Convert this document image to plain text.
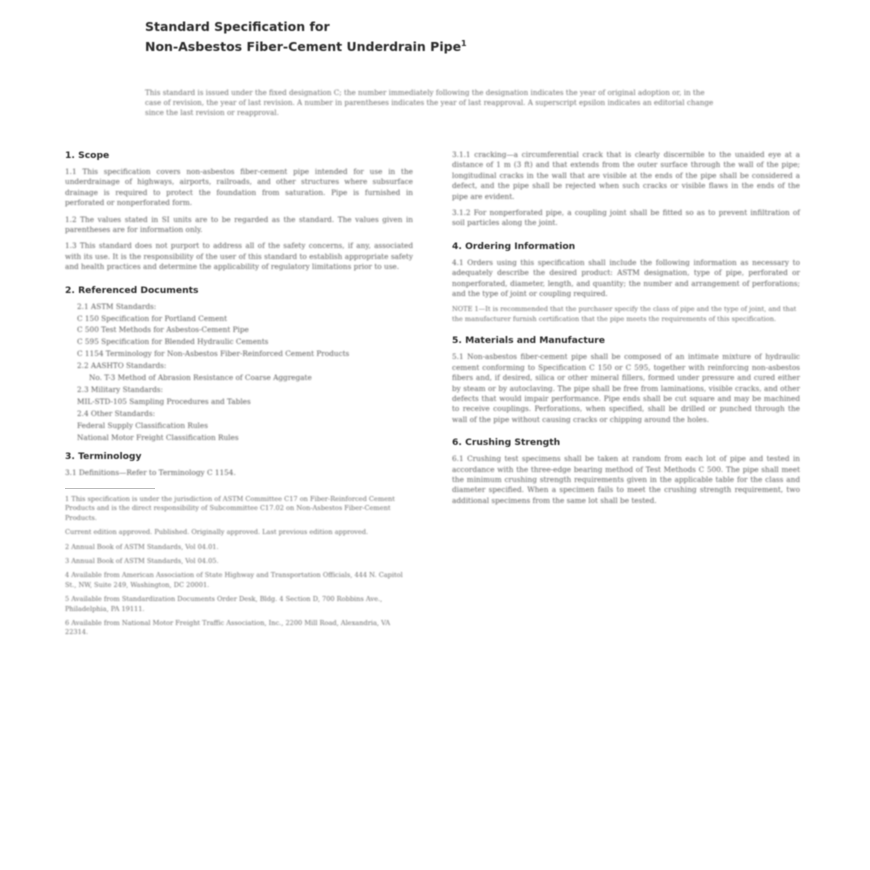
Standard Specification for
Non-Asbestos Fiber-Cement Underdrain Pipe$^1$
This standard is issued under the fixed designation C; the number immediately following the designation indicates the year of original adoption or, in the case of revision, the year of last revision. A number in parentheses indicates the year of last reapproval. A superscript epsilon indicates an editorial change since the last revision or reapproval.
1. Scope

1.1 This specification covers non-asbestos fiber-cement pipe intended for use in the underdrainage of highways, airports, railroads, and other structures where subsurface drainage is required to protect the foundation from saturation. Pipe is furnished in perforated or nonperforated form.

1.2 The values stated in SI units are to be regarded as the standard. The values given in parentheses are for information only.

1.3 This standard does not purport to address all of the safety concerns, if any, associated with its use. It is the responsibility of the user of this standard to establish appropriate safety and health practices and determine the applicability of regulatory limitations prior to use.

2. Referenced Documents
2.1 ASTM Standards:
C 150 Specification for Portland Cement
C 500 Test Methods for Asbestos-Cement Pipe
C 595 Specification for Blended Hydraulic Cements
C 1154 Terminology for Non-Asbestos Fiber-Reinforced Cement Products
2.2 AASHTO Standards:
No. T-3 Method of Abrasion Resistance of Coarse Aggregate
2.3 Military Standards:
MIL-STD-105 Sampling Procedures and Tables
2.4 Other Standards:
Federal Supply Classification Rules
National Motor Freight Classification Rules
3. Terminology

3.1 Definitions—Refer to Terminology C 1154.

1 This specification is under the jurisdiction of ASTM Committee C17 on Fiber-Reinforced Cement Products and is the direct responsibility of Subcommittee C17.02 on Non-Asbestos Fiber-Cement Products.

Current edition approved. Published. Originally approved. Last previous edition approved.

2 Annual Book of ASTM Standards, Vol 04.01.

3 Annual Book of ASTM Standards, Vol 04.05.

4 Available from American Association of State Highway and Transportation Officials, 444 N. Capitol St., NW, Suite 249, Washington, DC 20001.

5 Available from Standardization Documents Order Desk, Bldg. 4 Section D, 700 Robbins Ave., Philadelphia, PA 19111.

6 Available from National Motor Freight Traffic Association, Inc., 2200 Mill Road, Alexandria, VA 22314.

3.1.1 cracking—a circumferential crack that is clearly discernible to the unaided eye at a distance of 1 m (3 ft) and that extends from the outer surface through the wall of the pipe; longitudinal cracks in the wall that are visible at the ends of the pipe shall be considered a defect, and the pipe shall be rejected when such cracks or visible flaws in the ends of the pipe are evident.

3.1.2 For nonperforated pipe, a coupling joint shall be fitted so as to prevent infiltration of soil particles along the joint.

4. Ordering Information

4.1 Orders using this specification shall include the following information as necessary to adequately describe the desired product: ASTM designation, type of pipe, perforated or nonperforated, diameter, length, and quantity; the number and arrangement of perforations; and the type of joint or coupling required.

NOTE 1—It is recommended that the purchaser specify the class of pipe and the type of joint, and that the manufacturer furnish certification that the pipe meets the requirements of this specification.

5. Materials and Manufacture

5.1 Non-asbestos fiber-cement pipe shall be composed of an intimate mixture of hydraulic cement conforming to Specification C 150 or C 595, together with reinforcing non-asbestos fibers and, if desired, silica or other mineral fillers, formed under pressure and cured either by steam or by autoclaving. The pipe shall be free from laminations, visible cracks, and other defects that would impair performance. Pipe ends shall be cut square and may be machined to receive couplings. Perforations, when specified, shall be drilled or punched through the wall of the pipe without causing cracks or chipping around the holes.

6. Crushing Strength

6.1 Crushing test specimens shall be taken at random from each lot of pipe and tested in accordance with the three-edge bearing method of Test Methods C 500. The pipe shall meet the minimum crushing strength requirements given in the applicable table for the class and diameter specified. When a specimen fails to meet the crushing strength requirement, two additional specimens from the same lot shall be tested.
